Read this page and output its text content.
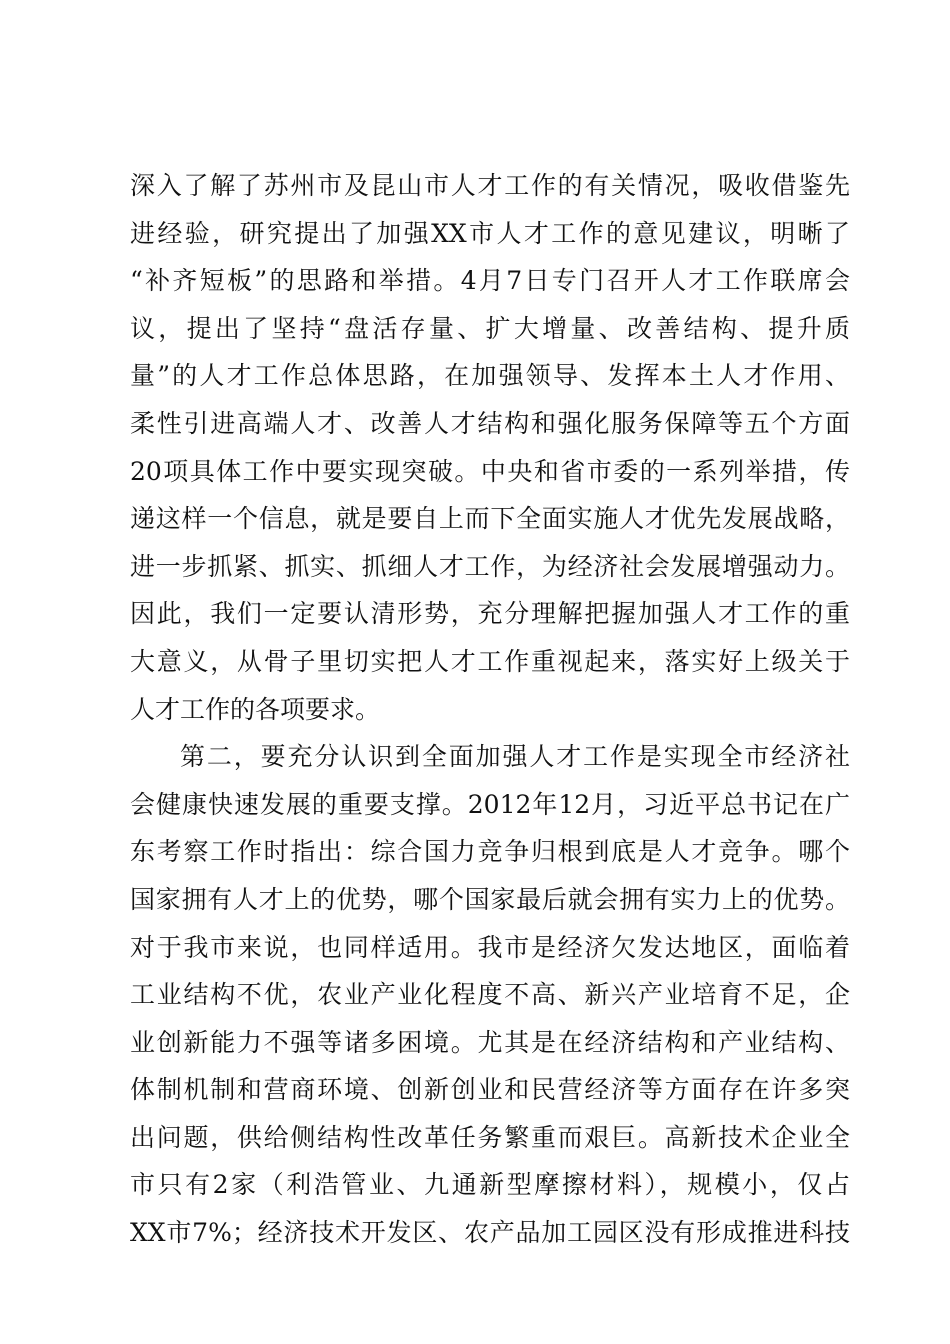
深入了解了苏州市及昆山市人才工作的有关情况，吸收借鉴先
进经验，研究提出了加强XX市人才工作的意见建议，明晰了
“补齐短板”的思路和举措。4月7日专门召开人才工作联席会
议，提出了坚持“盘活存量、扩大增量、改善结构、提升质
量”的人才工作总体思路，在加强领导、发挥本土人才作用、
柔性引进高端人才、改善人才结构和强化服务保障等五个方面
20项具体工作中要实现突破。中央和省市委的一系列举措，传
递这样一个信息，就是要自上而下全面实施人才优先发展战略，
进一步抓紧、抓实、抓细人才工作，为经济社会发展增强动力。
因此，我们一定要认清形势，充分理解把握加强人才工作的重
大意义，从骨子里切实把人才工作重视起来，落实好上级关于
人才工作的各项要求。
第二，要充分认识到全面加强人才工作是实现全市经济社
会健康快速发展的重要支撑。2012年12月，习近平总书记在广
东考察工作时指出：综合国力竞争归根到底是人才竞争。哪个
国家拥有人才上的优势，哪个国家最后就会拥有实力上的优势。
对于我市来说，也同样适用。我市是经济欠发达地区，面临着
工业结构不优，农业产业化程度不高、新兴产业培育不足，企
业创新能力不强等诸多困境。尤其是在经济结构和产业结构、
体制机制和营商环境、创新创业和民营经济等方面存在许多突
出问题，供给侧结构性改革任务繁重而艰巨。高新技术企业全
市只有2家（利浩管业、九通新型摩擦材料），规模小，仅占
XX市7%；经济技术开发区、农产品加工园区没有形成推进科技
